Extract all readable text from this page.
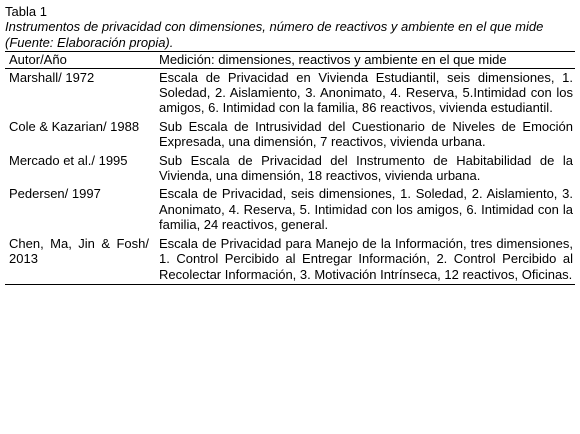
Tabla 1

Instrumentos de privacidad con dimensiones, número de reactivos y ambiente en el que mide (Fuente: Elaboración propia).

Autor/Año	Medición: dimensiones, reactivos y ambiente en el que mide
Marshall/ 1972	Escala de Privacidad en Vivienda Estudiantil, seis dimensiones, 1. Soledad, 2. Aislamiento, 3. Anonimato, 4. Reserva, 5.Intimidad con los amigos, 6. Intimidad con la familia, 86 reactivos, vivienda estudiantil.
Cole & Kazarian/ 1988	Sub Escala de Intrusividad del Cuestionario de Niveles de Emoción Expresada, una dimensión, 7 reactivos, vivienda urbana.
Mercado et al./ 1995	Sub Escala de Privacidad del Instrumento de Habitabilidad de la Vivienda, una dimensión, 18 reactivos, vivienda urbana.
Pedersen/ 1997	Escala de Privacidad, seis dimensiones, 1. Soledad, 2. Aislamiento, 3. Anonimato, 4. Reserva, 5. Intimidad con los amigos, 6. Intimidad con la familia, 24 reactivos, general.
Chen, Ma, Jin & Fosh/ 2013	Escala de Privacidad para Manejo de la Información, tres dimensiones, 1. Control Percibido al Entregar Información, 2. Control Percibido al Recolectar Información, 3. Motivación Intrínseca, 12 reactivos, Oficinas.
